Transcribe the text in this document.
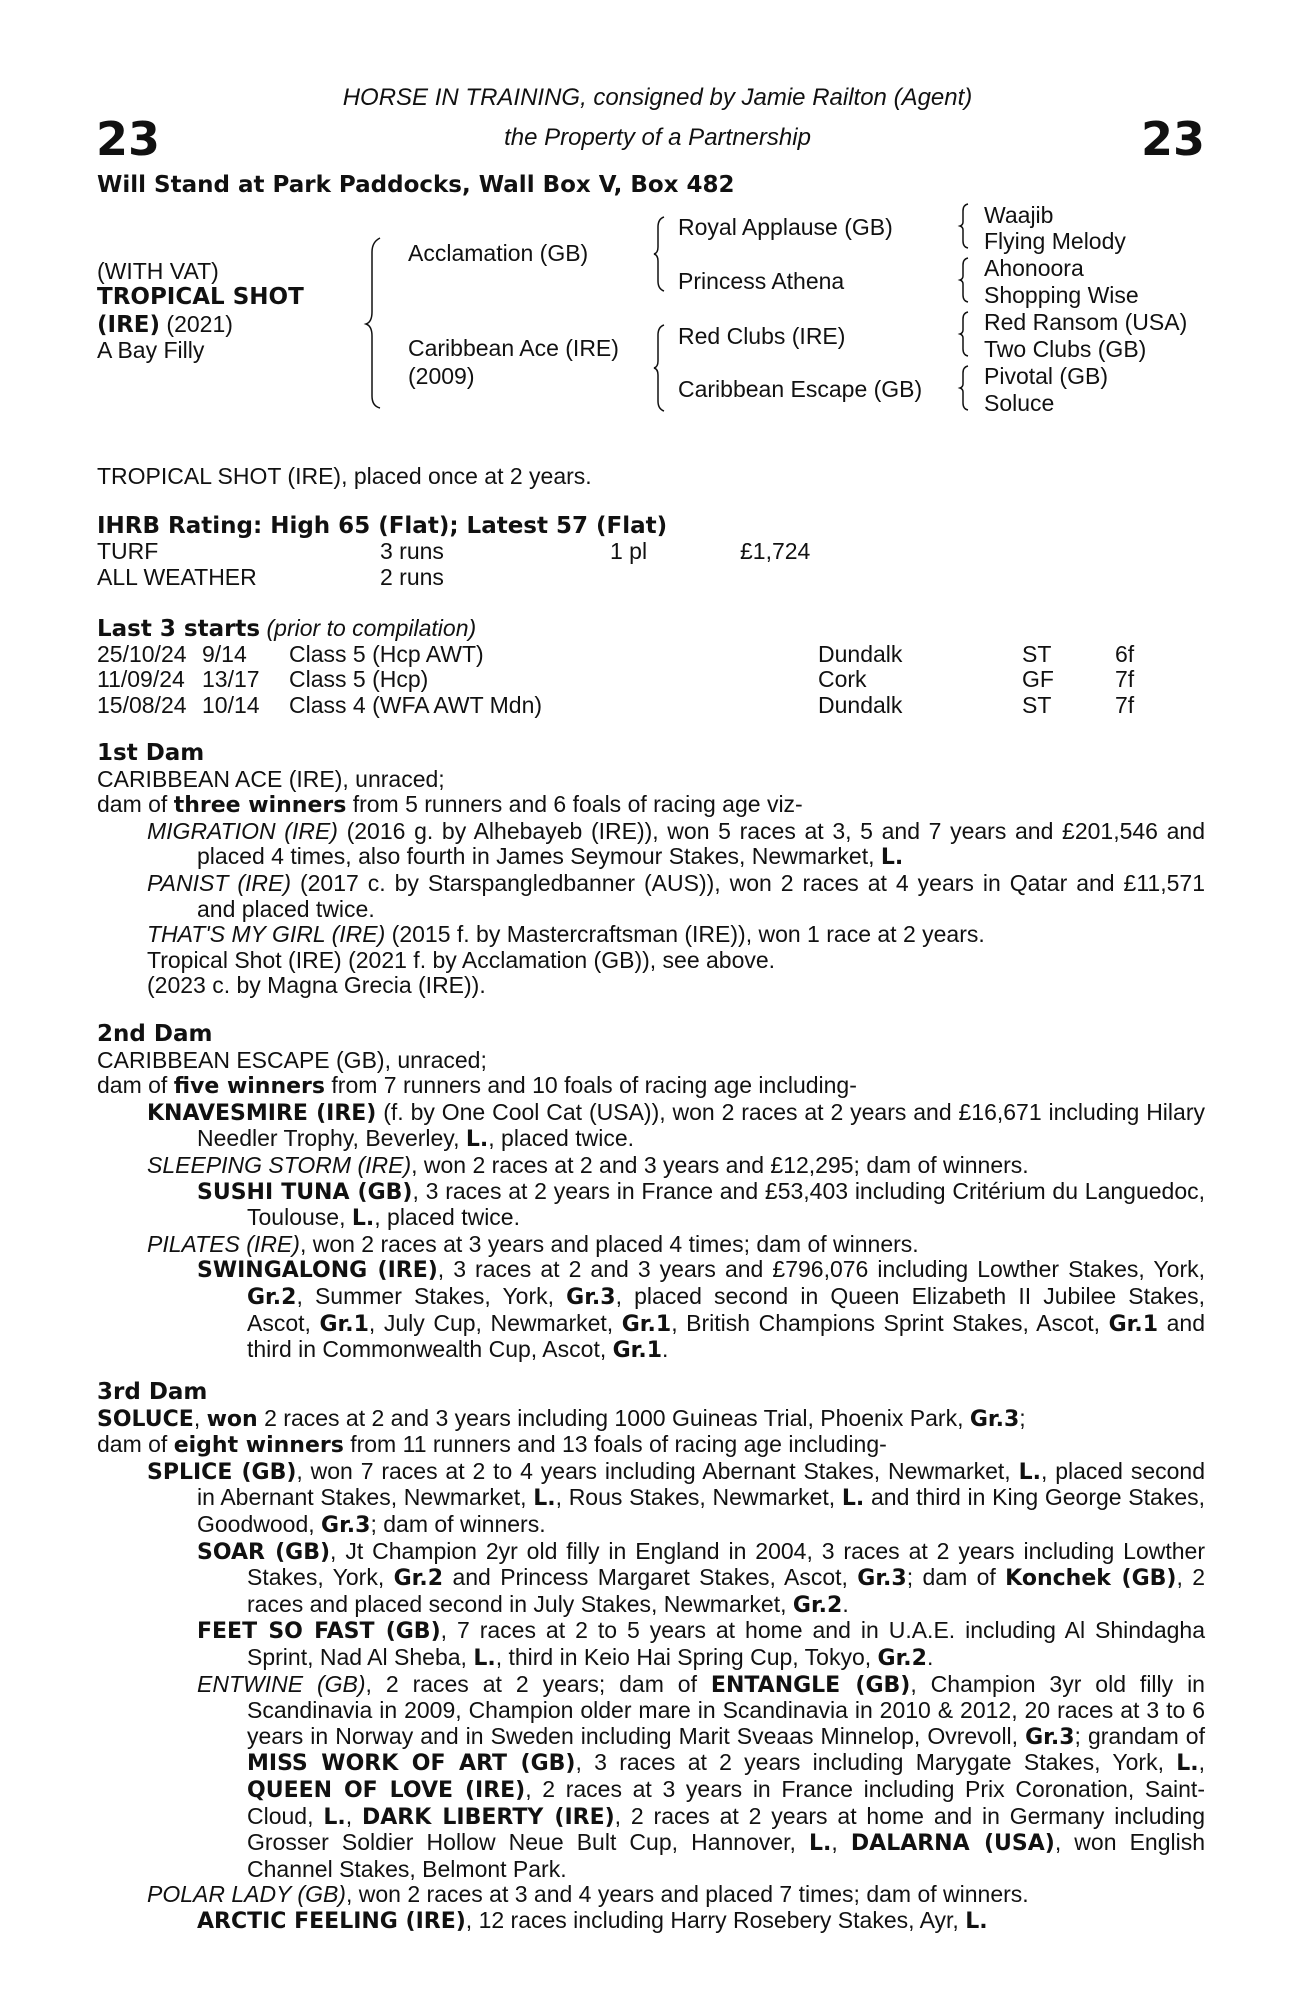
23	23
HORSE IN TRAINING, consigned by Jamie Railton (Agent)
the Property of a Partnership
Will Stand at Park Paddocks, Wall Box V, Box 482
(WITH VAT)
TROPICAL SHOT
(IRE) (2021)
A Bay Filly
Acclamation (GB)
Caribbean Ace (IRE)
(2009)
Royal Applause (GB)
Princess Athena
Red Clubs (IRE)
Caribbean Escape (GB)
Waajib
Flying Melody
Ahonoora
Shopping Wise
Red Ransom (USA)
Two Clubs (GB)
Pivotal (GB)
Soluce
TROPICAL SHOT (IRE), placed once at 2 years.
IHRB Rating: High 65 (Flat); Latest 57 (Flat)
TURF	3 runs	1 pl	£1,724
ALL WEATHER	2 runs
Last 3 starts (prior to compilation)
25/10/24 9/14 Class 5 (Hcp AWT)	Dundalk	ST	6f
11/09/24 13/17 Class 5 (Hcp)	Cork	GF	7f
15/08/24 10/14 Class 4 (WFA AWT Mdn)	Dundalk	ST	7f

1st Dam

CARIBBEAN ACE (IRE), unraced;

dam of three winners from 5 runners and 6 foals of racing age viz-

MIGRATION (IRE) (2016 g. by Alhebayeb (IRE)), won 5 races at 3, 5 and 7 years and £201,546 and placed 4 times, also fourth in James Seymour Stakes, Newmarket, L.

PANIST (IRE) (2017 c. by Starspangledbanner (AUS)), won 2 races at 4 years in Qatar and £11,571 and placed twice.

THAT'S MY GIRL (IRE) (2015 f. by Mastercraftsman (IRE)), won 1 race at 2 years.

Tropical Shot (IRE) (2021 f. by Acclamation (GB)), see above.

(2023 c. by Magna Grecia (IRE)).

2nd Dam

CARIBBEAN ESCAPE (GB), unraced;

dam of five winners from 7 runners and 10 foals of racing age including-

KNAVESMIRE (IRE) (f. by One Cool Cat (USA)), won 2 races at 2 years and £16,671 including Hilary Needler Trophy, Beverley, L., placed twice.

SLEEPING STORM (IRE), won 2 races at 2 and 3 years and £12,295; dam of winners.

SUSHI TUNA (GB), 3 races at 2 years in France and £53,403 including Critérium du Languedoc, Toulouse, L., placed twice.

PILATES (IRE), won 2 races at 3 years and placed 4 times; dam of winners.

SWINGALONG (IRE), 3 races at 2 and 3 years and £796,076 including Lowther Stakes, York, Gr.2, Summer Stakes, York, Gr.3, placed second in Queen Elizabeth II Jubilee Stakes, Ascot, Gr.1, July Cup, Newmarket, Gr.1, British Champions Sprint Stakes, Ascot, Gr.1 and third in Commonwealth Cup, Ascot, Gr.1.

3rd Dam

SOLUCE, won 2 races at 2 and 3 years including 1000 Guineas Trial, Phoenix Park, Gr.3;

dam of eight winners from 11 runners and 13 foals of racing age including-

SPLICE (GB), won 7 races at 2 to 4 years including Abernant Stakes, Newmarket, L., placed second in Abernant Stakes, Newmarket, L., Rous Stakes, Newmarket, L. and third in King George Stakes, Goodwood, Gr.3; dam of winners.

SOAR (GB), Jt Champion 2yr old filly in England in 2004, 3 races at 2 years including Lowther Stakes, York, Gr.2 and Princess Margaret Stakes, Ascot, Gr.3; dam of Konchek (GB), 2 races and placed second in July Stakes, Newmarket, Gr.2.

FEET SO FAST (GB), 7 races at 2 to 5 years at home and in U.A.E. including Al Shindagha Sprint, Nad Al Sheba, L., third in Keio Hai Spring Cup, Tokyo, Gr.2.

ENTWINE (GB), 2 races at 2 years; dam of ENTANGLE (GB), Champion 3yr old filly in Scandinavia in 2009, Champion older mare in Scandinavia in 2010 & 2012, 20 races at 3 to 6 years in Norway and in Sweden including Marit Sveaas Minnelop, Ovrevoll, Gr.3; grandam of MISS WORK OF ART (GB), 3 races at 2 years including Marygate Stakes, York, L., QUEEN OF LOVE (IRE), 2 races at 3 years in France including Prix Coronation, Saint-Cloud, L., DARK LIBERTY (IRE), 2 races at 2 years at home and in Germany including Grosser Soldier Hollow Neue Bult Cup, Hannover, L., DALARNA (USA), won English Channel Stakes, Belmont Park.

POLAR LADY (GB), won 2 races at 3 and 4 years and placed 7 times; dam of winners.

ARCTIC FEELING (IRE), 12 races including Harry Rosebery Stakes, Ayr, L.
